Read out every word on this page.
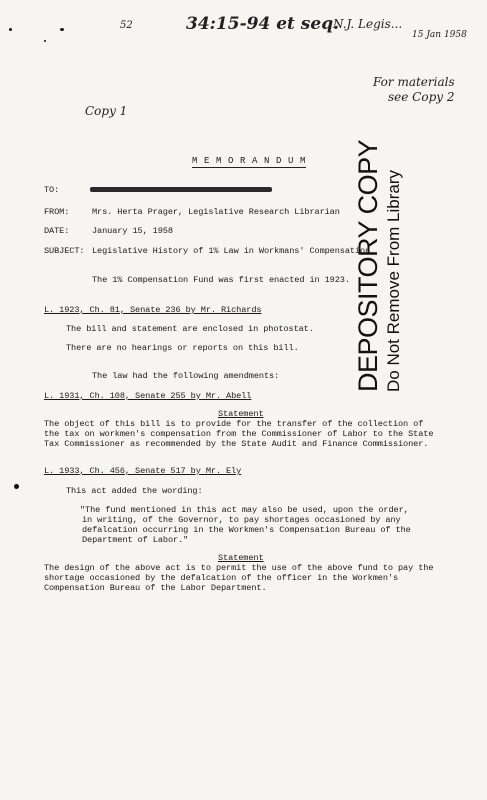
52	34:15-94 et seq.
N.J. Legis...
15 Jan 1958
For materials
see Copy 2
Copy 1
DEPOSITORY COPY Do Not Remove From Library
M E M O R A N D U M
TO:
FROM:	Mrs. Herta Prager, Legislative Research Librarian
DATE:	January 15, 1958
SUBJECT: Legislative History of 1% Law in Workmans' Compensation
The 1% Compensation Fund was first enacted in 1923.
L. 1923, Ch. 81, Senate 236 by Mr. Richards
The bill and statement are enclosed in photostat.
There are no hearings or reports on this bill.
The law had the following amendments:
L. 1931, Ch. 108, Senate 255 by Mr. Abell
Statement
The object of this bill is to provide for the transfer of the collection of
the tax on workmen's compensation from the Commissioner of Labor to the State
Tax Commissioner as recommended by the State Audit and Finance Commissioner.
L. 1933, Ch. 456, Senate 517 by Mr. Ely
This act added the wording:
"The fund mentioned in this act may also be used, upon the order,
in writing, of the Governor, to pay shortages occasioned by any
defalcation occurring in the Workmen's Compensation Bureau of the
Department of Labor."
Statement
The design of the above act is to permit the use of the above fund to pay the
shortage occasioned by the defalcation of the officer in the Workmen's
Compensation Bureau of the Labor Department.
